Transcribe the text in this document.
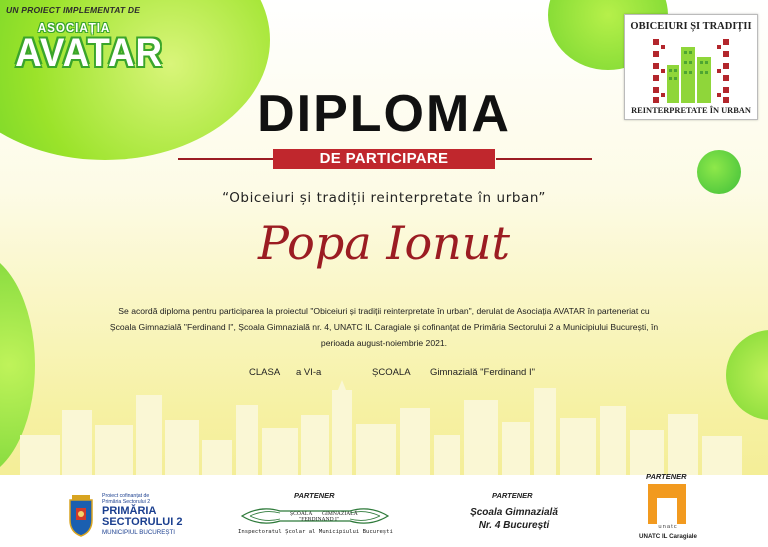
UN PROIECT IMPLEMENTAT DE
ASOCIAȚIA
AVATAR
OBICEIURI ȘI TRADIȚII
REINTERPRETATE ÎN URBAN
DIPLOMA
DE PARTICIPARE
“Obiceiuri și tradiții reinterpretate în urban”
Popa Ionut
Se acordă diploma pentru participarea la proiectul "Obiceiuri și tradiții reinterpretate în urban", derulat de Asociația AVATAR în parteneriat cu Școala Gimnazială "Ferdinand I", Școala Gimnazială nr. 4, UNATC IL Caragiale și cofinanțat de Primăria Sectorului 2 a Municipiului București, în perioada august-noiembrie 2021.
CLASA a VI-a	ȘCOALA Gimnazială "Ferdinand I"
Proiect cofinanțat de
Primăria Sectorului 2
PRIMĂRIA
SECTORULUI 2
MUNICIPIUL BUCUREȘTI
PARTENER
ȘCOALA
"FERDINAND I"
GIMNAZIALĂ
Inspectoratul Școlar al Municipiului București
PARTENER
Școala Gimnazială
Nr. 4 București
PARTENER
unatc
UNATC IL Caragiale
